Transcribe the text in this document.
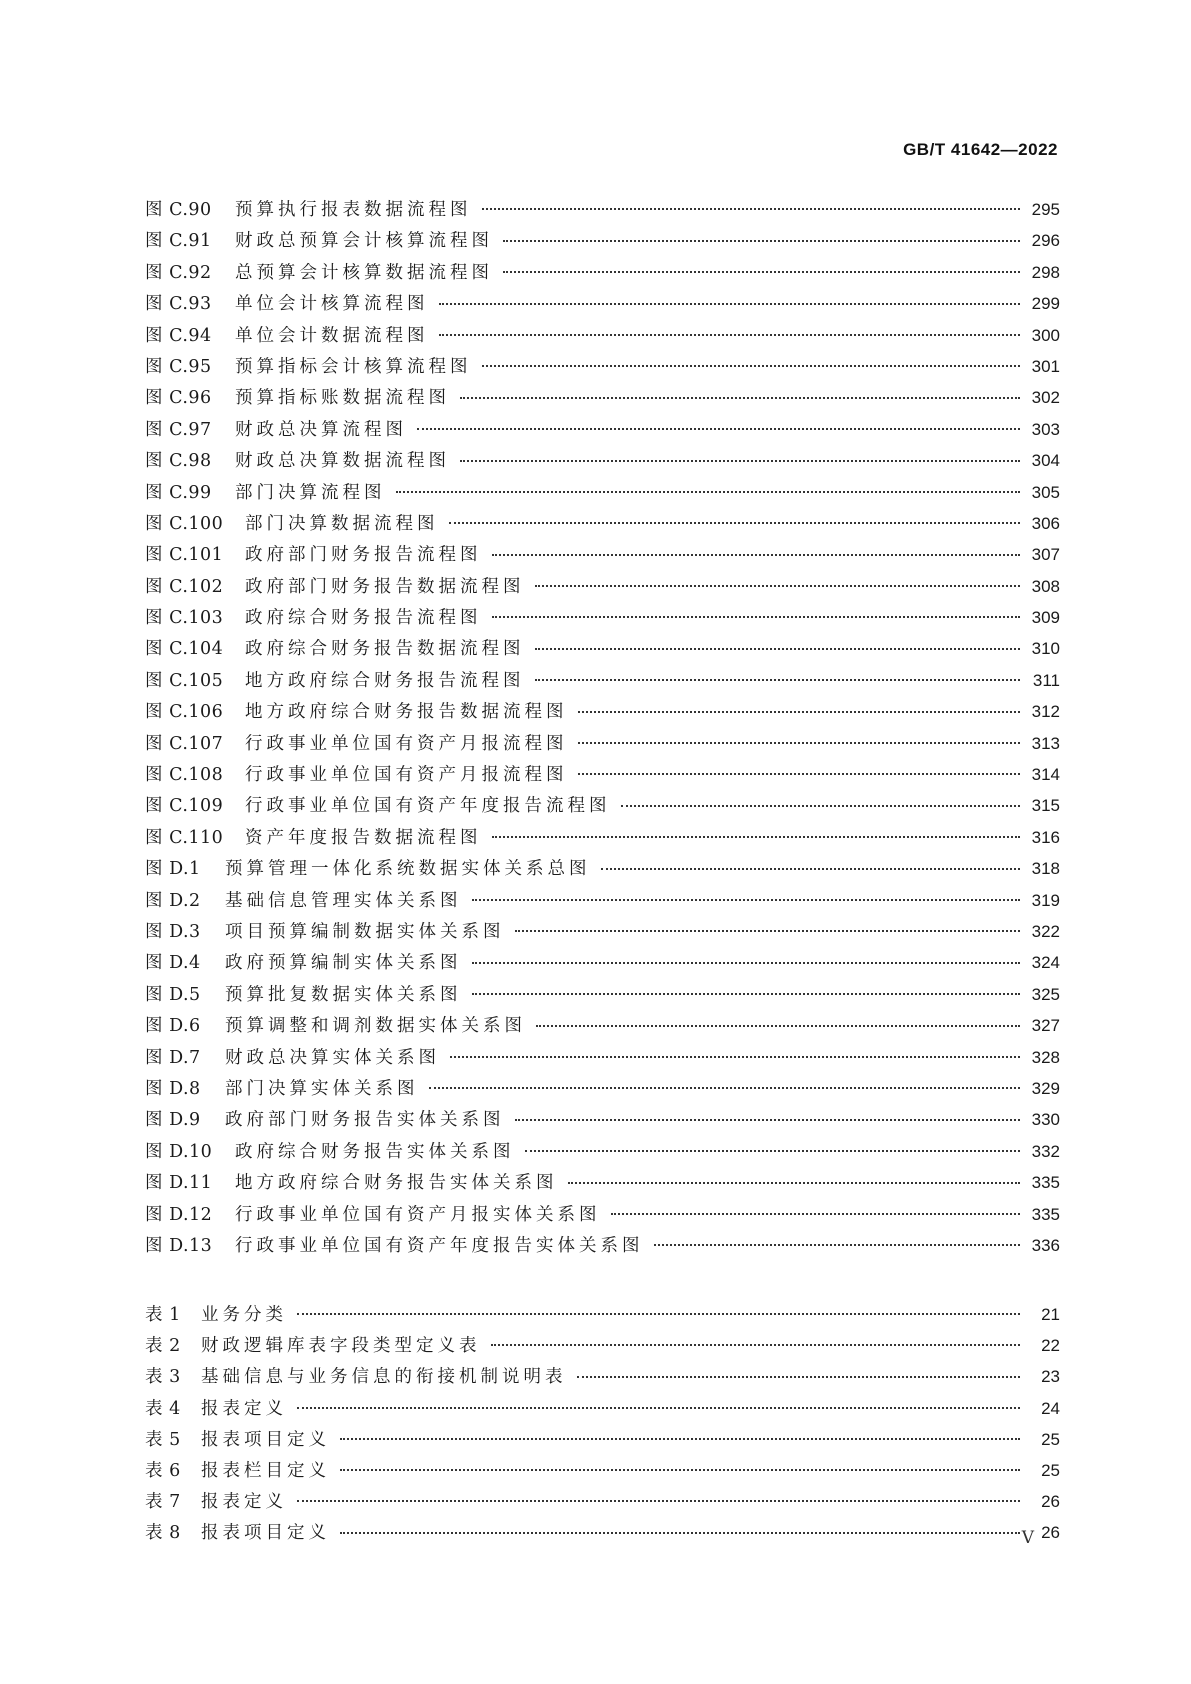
GB/T 41642—2022
图 C.90	预算执行报表数据流程图	295
图 C.91	财政总预算会计核算流程图	296
图 C.92	总预算会计核算数据流程图	298
图 C.93	单位会计核算流程图	299
图 C.94	单位会计数据流程图	300
图 C.95	预算指标会计核算流程图	301
图 C.96	预算指标账数据流程图	302
图 C.97	财政总决算流程图	303
图 C.98	财政总决算数据流程图	304
图 C.99	部门决算流程图	305
图 C.100	部门决算数据流程图	306
图 C.101	政府部门财务报告流程图	307
图 C.102	政府部门财务报告数据流程图	308
图 C.103	政府综合财务报告流程图	309
图 C.104	政府综合财务报告数据流程图	310
图 C.105	地方政府综合财务报告流程图	311
图 C.106	地方政府综合财务报告数据流程图	312
图 C.107	行政事业单位国有资产月报流程图	313
图 C.108	行政事业单位国有资产月报流程图	314
图 C.109	行政事业单位国有资产年度报告流程图	315
图 C.110	资产年度报告数据流程图	316
图 D.1	预算管理一体化系统数据实体关系总图	318
图 D.2	基础信息管理实体关系图	319
图 D.3	项目预算编制数据实体关系图	322
图 D.4	政府预算编制实体关系图	324
图 D.5	预算批复数据实体关系图	325
图 D.6	预算调整和调剂数据实体关系图	327
图 D.7	财政总决算实体关系图	328
图 D.8	部门决算实体关系图	329
图 D.9	政府部门财务报告实体关系图	330
图 D.10	政府综合财务报告实体关系图	332
图 D.11	地方政府综合财务报告实体关系图	335
图 D.12	行政事业单位国有资产月报实体关系图	335
图 D.13	行政事业单位国有资产年度报告实体关系图	336
表 1	业务分类	21
表 2	财政逻辑库表字段类型定义表	22
表 3	基础信息与业务信息的衔接机制说明表	23
表 4	报表定义	24
表 5	报表项目定义	25
表 6	报表栏目定义	25
表 7	报表定义	26
表 8	报表项目定义	26
V
